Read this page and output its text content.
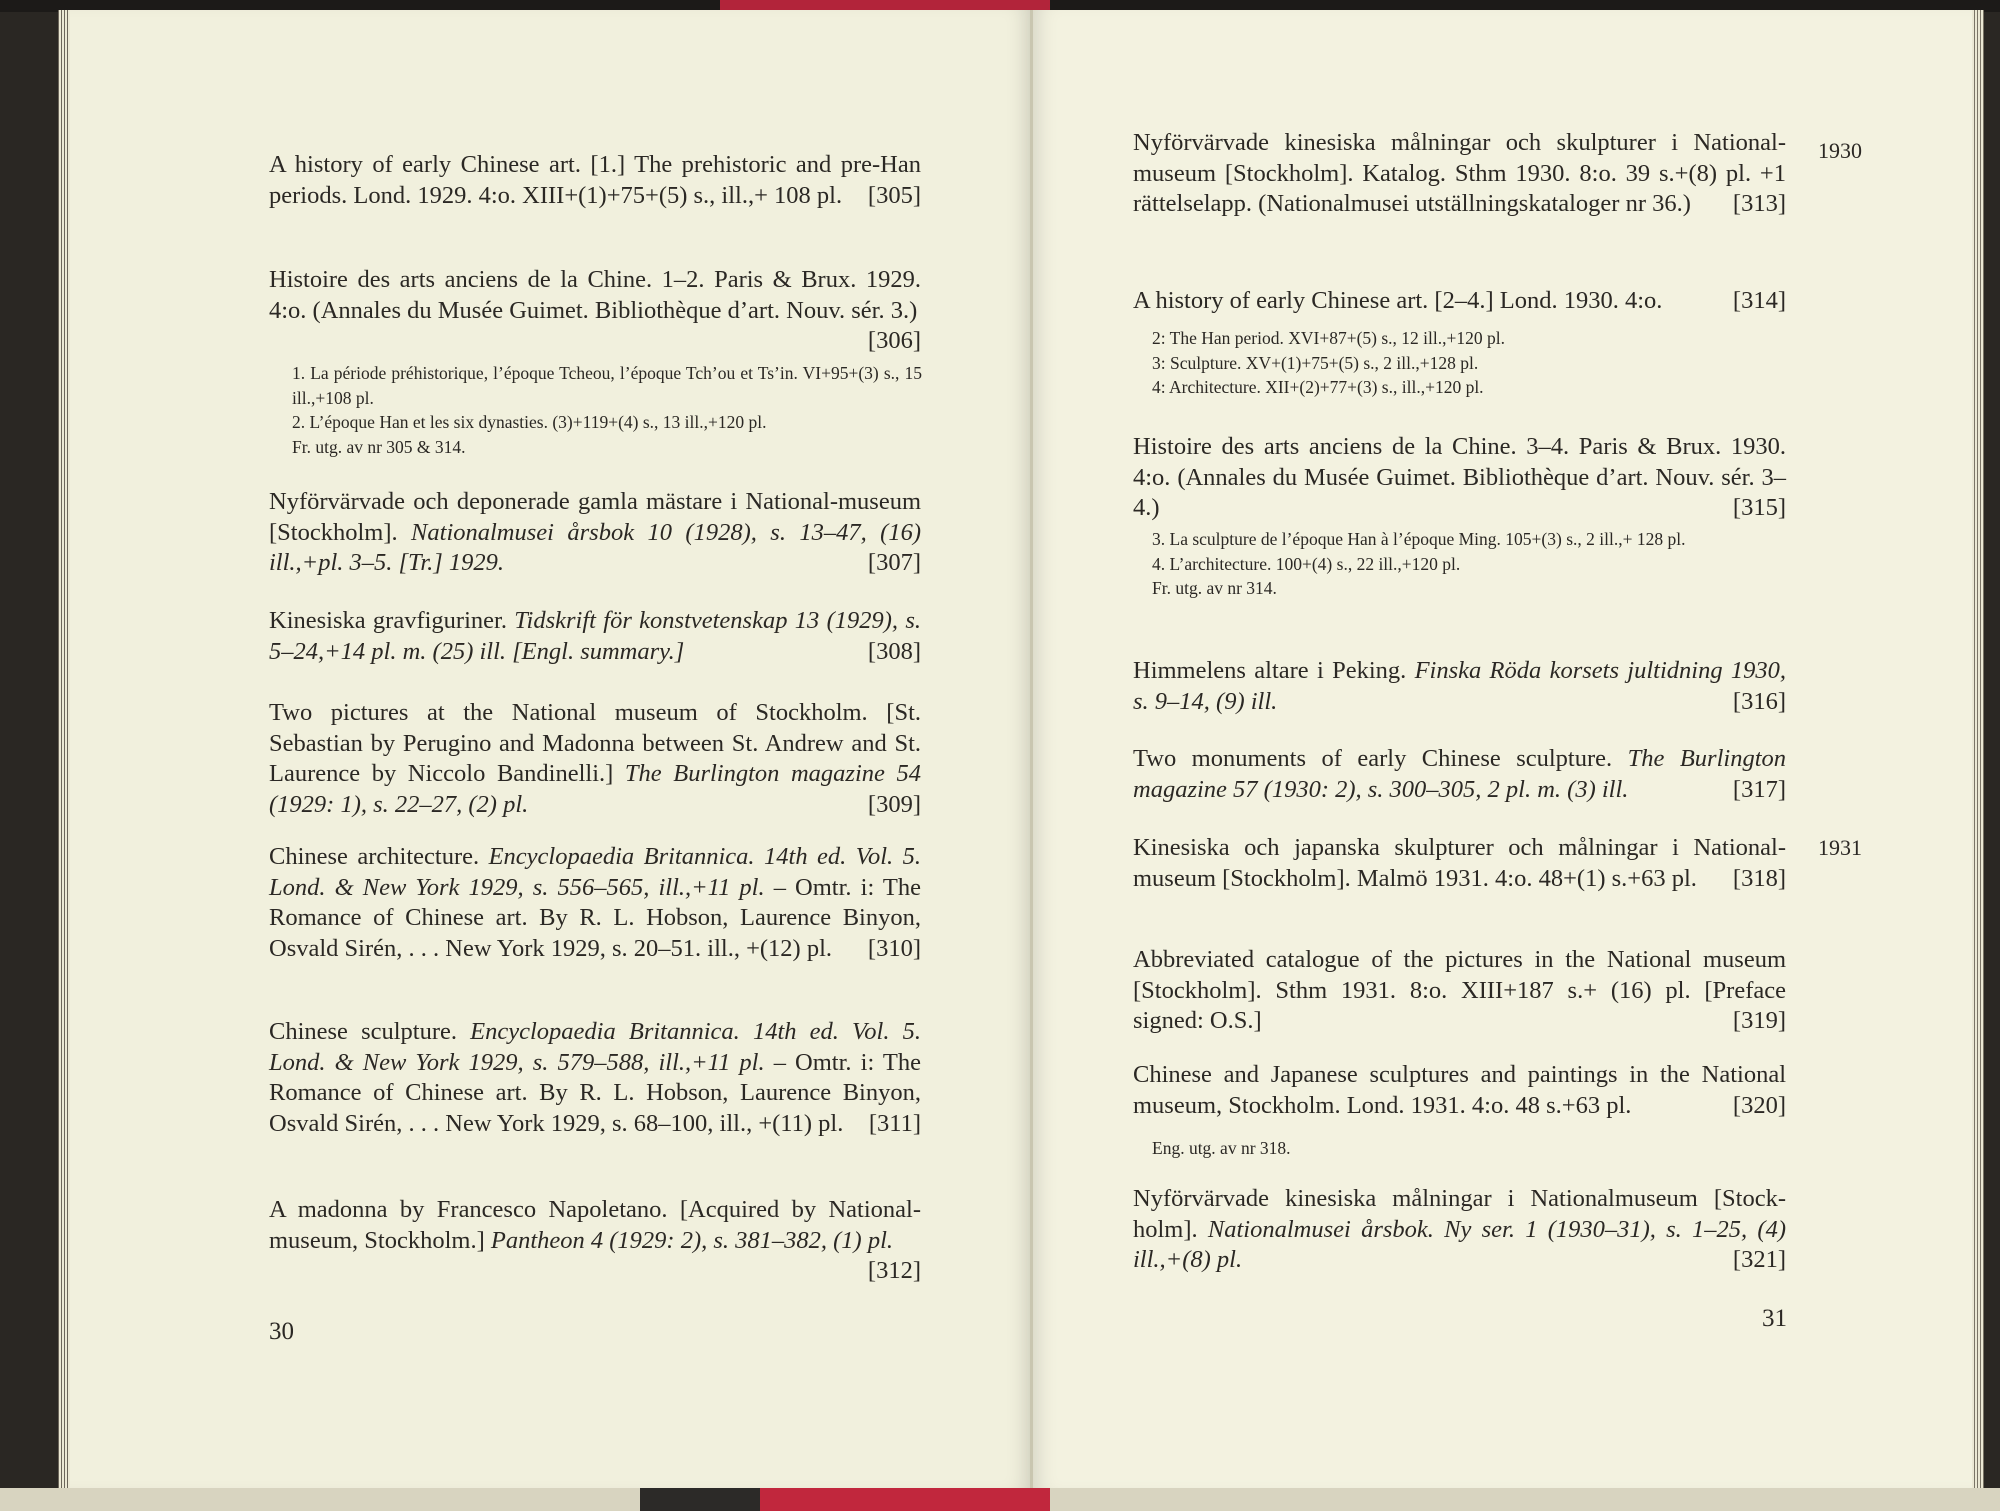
A history of early Chinese art. [1.] The prehistoric and pre-Han periods. Lond. 1929. 4:o. XIII+(1)+75+(5) s., ill.,+ 108 pl. [305]
Histoire des arts anciens de la Chine. 1–2. Paris & Brux. 1929. 4:o. (Annales du Musée Guimet. Bibliothèque d’art. Nouv. sér. 3.)
[306]
1. La période préhistorique, l’époque Tcheou, l’époque Tch’ou et Ts’in. VI+95+(3) s., 15 ill.,+108 pl.
2. L’époque Han et les six dynasties. (3)+119+(4) s., 13 ill.,+120 pl.
Fr. utg. av nr 305 & 314.
Nyförvärvade och deponerade gamla mästare i National-museum [Stockholm]. Nationalmusei årsbok 10 (1928), s. 13–47, (16) ill.,+pl. 3–5. [Tr.] 1929.	[307]
Kinesiska gravfiguriner. Tidskrift för konstvetenskap 13 (1929), s. 5–24,+14 pl. m. (25) ill. [Engl. summary.]	[308]
Two pictures at the National museum of Stockholm. [St. Sebastian by Perugino and Madonna between St. Andrew and St. Laurence by Niccolo Bandinelli.] The Burlington magazine 54 (1929: 1), s. 22–27, (2) pl.	[309]
Chinese architecture. Encyclopaedia Britannica. 14th ed. Vol. 5. Lond. & New York 1929, s. 556–565, ill.,+11 pl. – Omtr. i: The Romance of Chinese art. By R. L. Hobson, Laurence Binyon, Osvald Sirén, . . . New York 1929, s. 20–51. ill., +(12) pl. [310]
Chinese sculpture. Encyclopaedia Britannica. 14th ed. Vol. 5. Lond. & New York 1929, s. 579–588, ill.,+11 pl. – Omtr. i: The Romance of Chinese art. By R. L. Hobson, Laurence Binyon, Osvald Sirén, . . . New York 1929, s. 68–100, ill., +(11) pl. [311]
A madonna by Francesco Napoletano. [Acquired by National-museum, Stockholm.] Pantheon 4 (1929: 2), s. 381–382, (1) pl.
[312]
30
1930
1931
Nyförvärvade kinesiska målningar och skulpturer i National-museum [Stockholm]. Katalog. Sthm 1930. 8:o. 39 s.+(8) pl. +1 rättelselapp. (Nationalmusei utställningskataloger nr 36.) [313]
A history of early Chinese art. [2–4.] Lond. 1930. 4:o.	[314]
2: The Han period. XVI+87+(5) s., 12 ill.,+120 pl.
3: Sculpture. XV+(1)+75+(5) s., 2 ill.,+128 pl.
4: Architecture. XII+(2)+77+(3) s., ill.,+120 pl.
Histoire des arts anciens de la Chine. 3–4. Paris & Brux. 1930. 4:o. (Annales du Musée Guimet. Bibliothèque d’art. Nouv. sér. 3–4.)	[315]
3. La sculpture de l’époque Han à l’époque Ming. 105+(3) s., 2 ill.,+ 128 pl.
4. L’architecture. 100+(4) s., 22 ill.,+120 pl.
Fr. utg. av nr 314.
Himmelens altare i Peking. Finska Röda korsets jultidning 1930, s. 9–14, (9) ill.	[316]
Two monuments of early Chinese sculpture. The Burlington magazine 57 (1930: 2), s. 300–305, 2 pl. m. (3) ill.	[317]
Kinesiska och japanska skulpturer och målningar i National-museum [Stockholm]. Malmö 1931. 4:o. 48+(1) s.+63 pl. [318]
Abbreviated catalogue of the pictures in the National museum [Stockholm]. Sthm 1931. 8:o. XIII+187 s.+ (16) pl. [Preface signed: O.S.]	[319]
Chinese and Japanese sculptures and paintings in the National museum, Stockholm. Lond. 1931. 4:o. 48 s.+63 pl.	[320]
Eng. utg. av nr 318.
Nyförvärvade kinesiska målningar i Nationalmuseum [Stock-holm]. Nationalmusei årsbok. Ny ser. 1 (1930–31), s. 1–25, (4) ill.,+(8) pl.	[321]
31
